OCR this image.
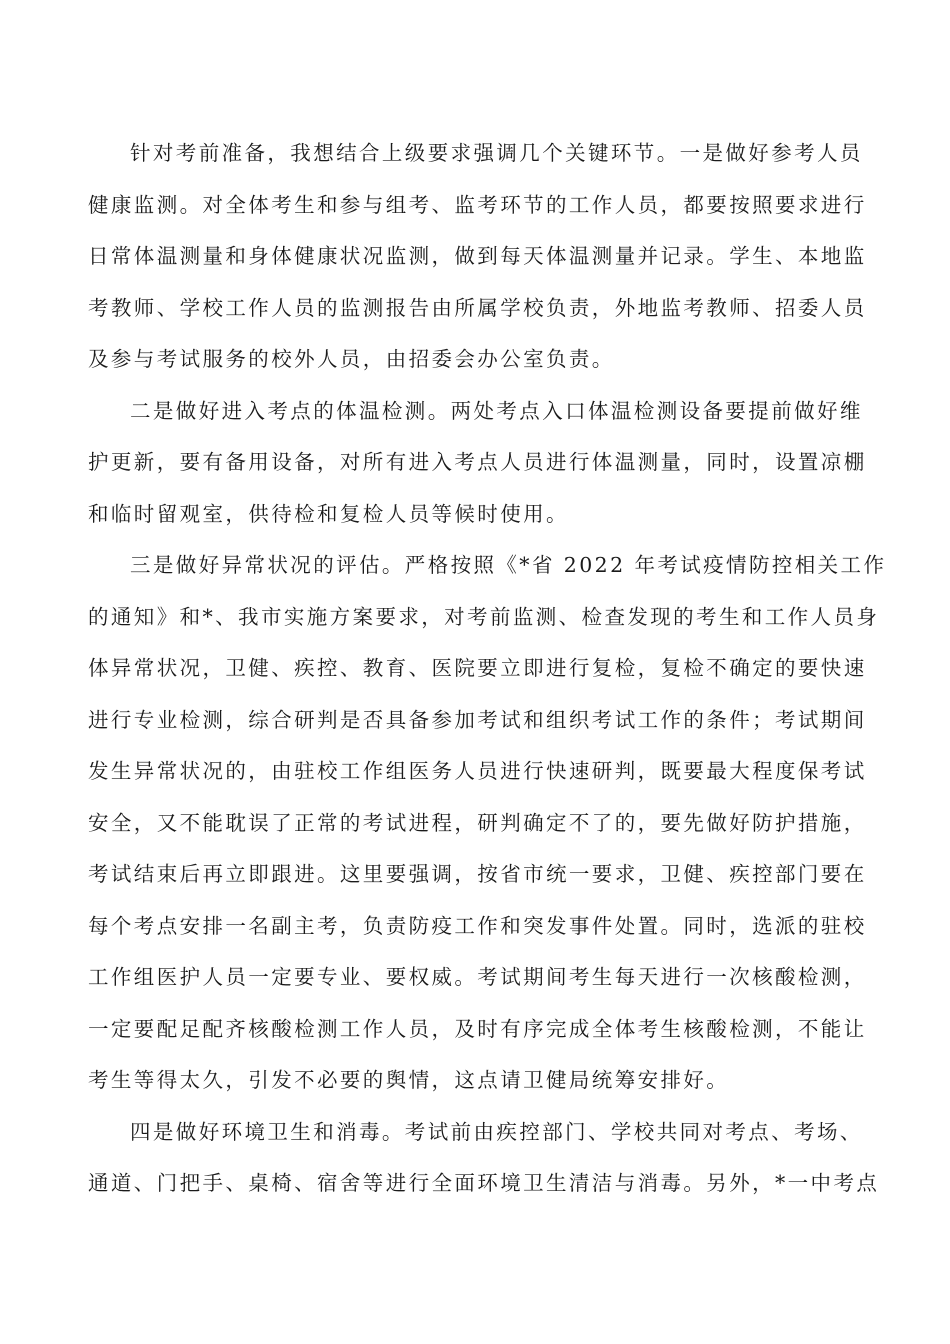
针对考前准备，我想结合上级要求强调几个关键环节。一是做好参考人员
健康监测。对全体考生和参与组考、监考环节的工作人员，都要按照要求进行
日常体温测量和身体健康状况监测，做到每天体温测量并记录。学生、本地监
考教师、学校工作人员的监测报告由所属学校负责，外地监考教师、招委人员
及参与考试服务的校外人员，由招委会办公室负责。
二是做好进入考点的体温检测。两处考点入口体温检测设备要提前做好维
护更新，要有备用设备，对所有进入考点人员进行体温测量，同时，设置凉棚
和临时留观室，供待检和复检人员等候时使用。
三是做好异常状况的评估。严格按照《*省 2022 年考试疫情防控相关工作
的通知》和*、我市实施方案要求，对考前监测、检查发现的考生和工作人员身
体异常状况，卫健、疾控、教育、医院要立即进行复检，复检不确定的要快速
进行专业检测，综合研判是否具备参加考试和组织考试工作的条件；考试期间
发生异常状况的，由驻校工作组医务人员进行快速研判，既要最大程度保考试
安全，又不能耽误了正常的考试进程，研判确定不了的，要先做好防护措施，
考试结束后再立即跟进。这里要强调，按省市统一要求，卫健、疾控部门要在
每个考点安排一名副主考，负责防疫工作和突发事件处置。同时，选派的驻校
工作组医护人员一定要专业、要权威。考试期间考生每天进行一次核酸检测，
一定要配足配齐核酸检测工作人员，及时有序完成全体考生核酸检测，不能让
考生等得太久，引发不必要的舆情，这点请卫健局统筹安排好。
四是做好环境卫生和消毒。考试前由疾控部门、学校共同对考点、考场、
通道、门把手、桌椅、宿舍等进行全面环境卫生清洁与消毒。另外，*一中考点
